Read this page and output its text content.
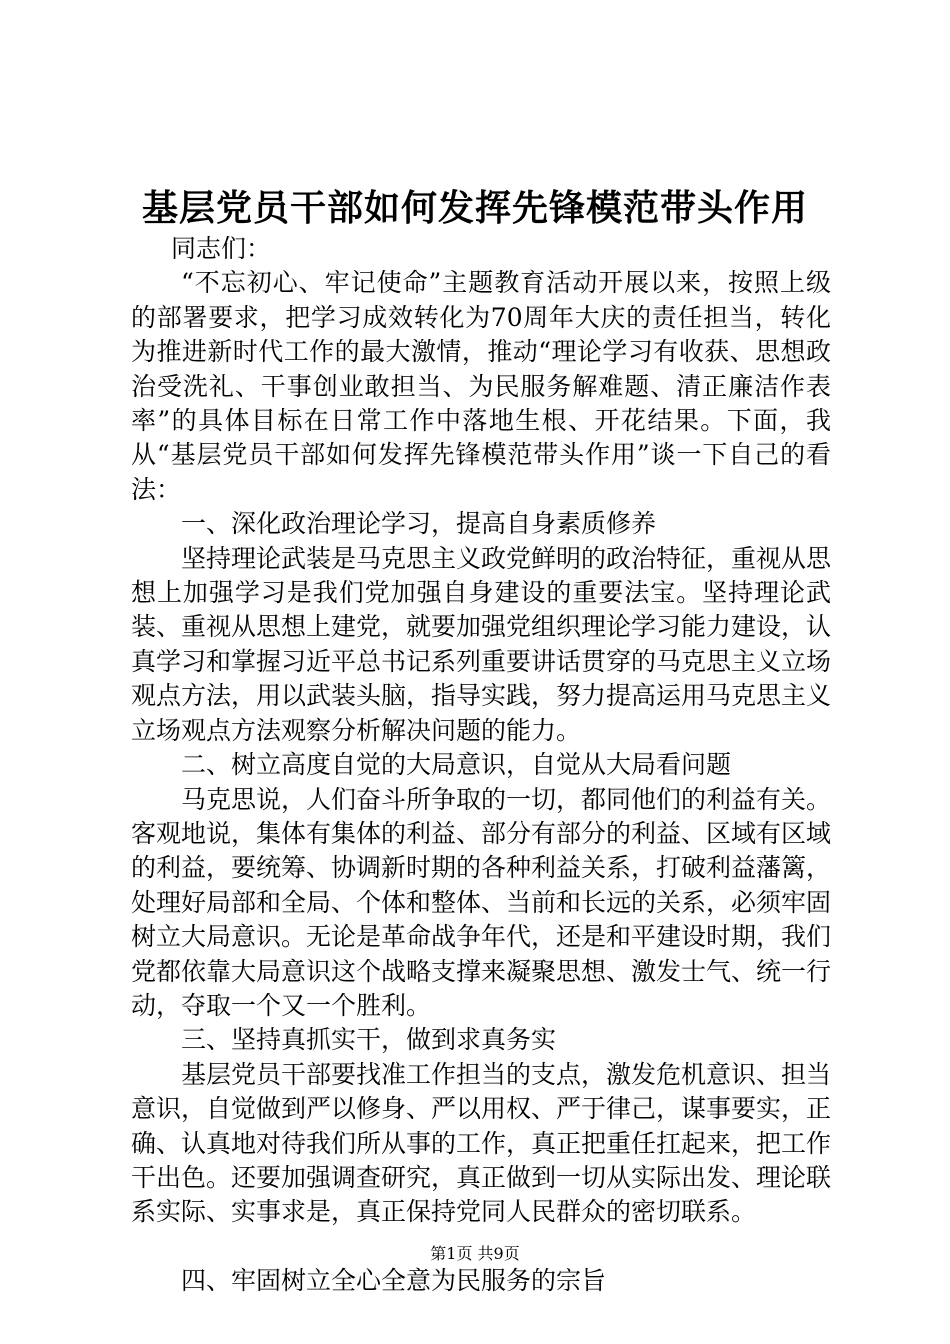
基层党员干部如何发挥先锋模范带头作用

同志们：

“不忘初心、牢记使命”主题教育活动开展以来，按照上级的部署要求，把学习成效转化为70周年大庆的责任担当，转化为推进新时代工作的最大激情，推动“理论学习有收获、思想政治受洗礼、干事创业敢担当、为民服务解难题、清正廉洁作表率”的具体目标在日常工作中落地生根、开花结果。下面，我从“基层党员干部如何发挥先锋模范带头作用”谈一下自己的看法：

一、深化政治理论学习，提高自身素质修养

坚持理论武装是马克思主义政党鲜明的政治特征，重视从思想上加强学习是我们党加强自身建设的重要法宝。坚持理论武装、重视从思想上建党，就要加强党组织理论学习能力建设，认真学习和掌握习近平总书记系列重要讲话贯穿的马克思主义立场观点方法，用以武装头脑，指导实践，努力提高运用马克思主义立场观点方法观察分析解决问题的能力。

二、树立高度自觉的大局意识，自觉从大局看问题

马克思说，人们奋斗所争取的一切，都同他们的利益有关。客观地说，集体有集体的利益、部分有部分的利益、区域有区域的利益，要统筹、协调新时期的各种利益关系，打破利益藩篱，处理好局部和全局、个体和整体、当前和长远的关系，必须牢固树立大局意识。无论是革命战争年代，还是和平建设时期，我们党都依靠大局意识这个战略支撑来凝聚思想、激发士气、统一行动，夺取一个又一个胜利。

三、坚持真抓实干，做到求真务实

基层党员干部要找准工作担当的支点，激发危机意识、担当意识，自觉做到严以修身、严以用权、严于律己，谋事要实，正确、认真地对待我们所从事的工作，真正把重任扛起来，把工作干出色。还要加强调查研究，真正做到一切从实际出发、理论联系实际、实事求是，真正保持党同人民群众的密切联系。

四、牢固树立全心全意为民服务的宗旨

第1页 共9页
